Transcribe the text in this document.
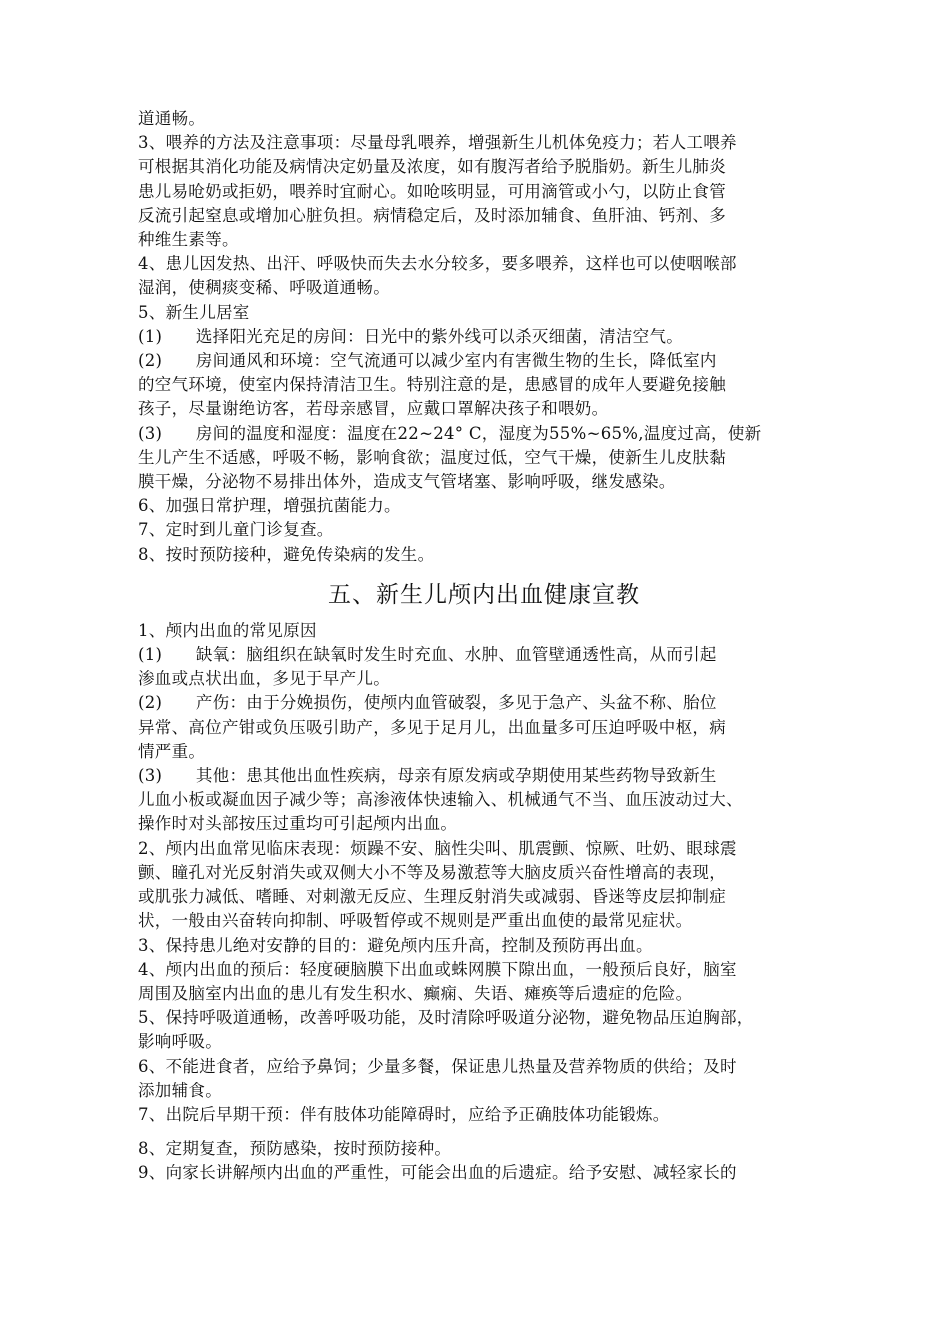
道通畅。

3、喂养的方法及注意事项：尽量母乳喂养，增强新生儿机体免疫力；若人工喂养
可根据其消化功能及病情决定奶量及浓度，如有腹泻者给予脱脂奶。新生儿肺炎
患儿易呛奶或拒奶，喂养时宜耐心。如呛咳明显，可用滴管或小勺，以防止食管
反流引起窒息或增加心脏负担。病情稳定后，及时添加辅食、鱼肝油、钙剂、多
种维生素等。

4、患儿因发热、出汗、呼吸快而失去水分较多，要多喂养，这样也可以使咽喉部
湿润，使稠痰变稀、呼吸道通畅。

5、新生儿居室

(1)　　选择阳光充足的房间：日光中的紫外线可以杀灭细菌，清洁空气。

(2)　　房间通风和环境：空气流通可以减少室内有害微生物的生长，降低室内
的空气环境，使室内保持清洁卫生。特别注意的是，患感冒的成年人要避免接触
孩子，尽量谢绝访客，若母亲感冒，应戴口罩解决孩子和喂奶。

(3)　　房间的温度和湿度：温度在22~24° C，湿度为55%~65%,温度过高，使新
生儿产生不适感，呼吸不畅，影响食欲；温度过低，空气干燥，使新生儿皮肤黏
膜干燥，分泌物不易排出体外，造成支气管堵塞、影响呼吸，继发感染。

6、加强日常护理，增强抗菌能力。

7、定时到儿童门诊复查。

8、按时预防接种，避免传染病的发生。

五、新生儿颅内出血健康宣教

1、颅内出血的常见原因

(1)　　缺氧：脑组织在缺氧时发生时充血、水肿、血管壁通透性高，从而引起
渗血或点状出血，多见于早产儿。

(2)　　产伤：由于分娩损伤，使颅内血管破裂，多见于急产、头盆不称、胎位
异常、高位产钳或负压吸引助产，多见于足月儿，出血量多可压迫呼吸中枢，病
情严重。

(3)　　其他：患其他出血性疾病，母亲有原发病或孕期使用某些药物导致新生
儿血小板或凝血因子减少等；高渗液体快速输入、机械通气不当、血压波动过大、
操作时对头部按压过重均可引起颅内出血。

2、颅内出血常见临床表现：烦躁不安、脑性尖叫、肌震颤、惊厥、吐奶、眼球震
颤、瞳孔对光反射消失或双侧大小不等及易激惹等大脑皮质兴奋性增高的表现，
或肌张力减低、嗜睡、对刺激无反应、生理反射消失或减弱、昏迷等皮层抑制症
状，一般由兴奋转向抑制、呼吸暂停或不规则是严重出血使的最常见症状。

3、保持患儿绝对安静的目的：避免颅内压升高，控制及预防再出血。

4、颅内出血的预后：轻度硬脑膜下出血或蛛网膜下隙出血，一般预后良好，脑室
周围及脑室内出血的患儿有发生积水、癫痫、失语、瘫痪等后遗症的危险。

5、保持呼吸道通畅，改善呼吸功能，及时清除呼吸道分泌物，避免物品压迫胸部，
影响呼吸。

6、不能进食者，应给予鼻饲；少量多餐，保证患儿热量及营养物质的供给；及时
添加辅食。

7、出院后早期干预：伴有肢体功能障碍时，应给予正确肢体功能锻炼。

8、定期复查，预防感染，按时预防接种。

9、向家长讲解颅内出血的严重性，可能会出血的后遗症。给予安慰、减轻家长的
